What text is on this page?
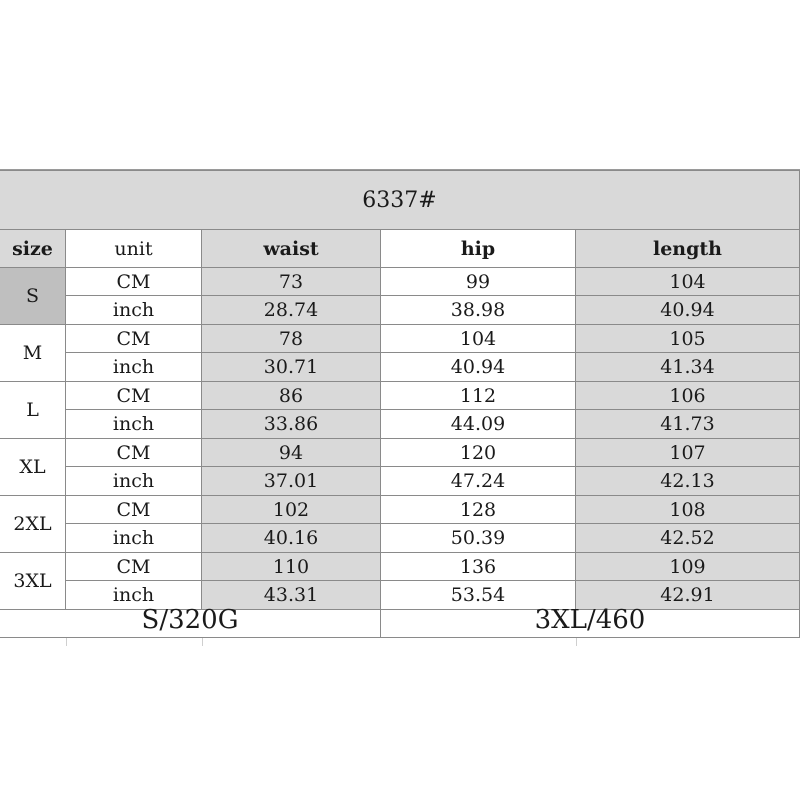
6337#
size	unit	waist	hip	length
S
CM	73	99	104
inch	28.74	38.98	40.94
M
CM	78	104	105
inch	30.71	40.94	41.34
L
CM	86	112	106
inch	33.86	44.09	41.73
XL
CM	94	120	107
inch	37.01	47.24	42.13
2XL
CM	102	128	108
inch	40.16	50.39	42.52
3XL
CM	110	136	109
inch	43.31	53.54	42.91
S/320G	3XL/460
